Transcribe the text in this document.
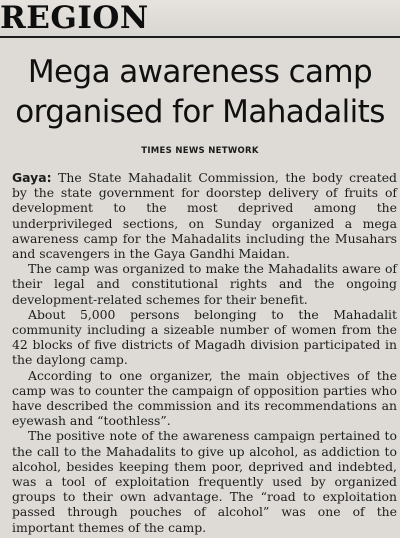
REGION
Mega awareness camp
organised for Mahadalits
TIMES NEWS NETWORK

Gaya: The State Mahadalit Commission, the body created by the state government for doorstep delivery of fruits of development to the most deprived among the underprivileged sections, on Sunday organized a mega awareness camp for the Mahadalits including the Musahars and scavengers in the Gaya Gandhi Maidan.

The camp was organized to make the Mahadalits aware of their legal and constitutional rights and the ongoing development-related schemes for their benefit.

About 5,000 persons belonging to the Mahadalit community including a sizeable number of women from the 42 blocks of five districts of Magadh division participated in the daylong camp.

According to one organizer, the main objectives of the camp was to counter the campaign of opposition parties who have described the commission and its recommendations an eyewash and “toothless”.

The positive note of the awareness campaign pertained to the call to the Mahadalits to give up alcohol, as addiction to alcohol, besides keeping them poor, deprived and indebted, was a tool of exploitation frequently used by organized groups to their own advantage. The “road to exploitation passed through pouches of alcohol” was one of the important themes of the camp.
